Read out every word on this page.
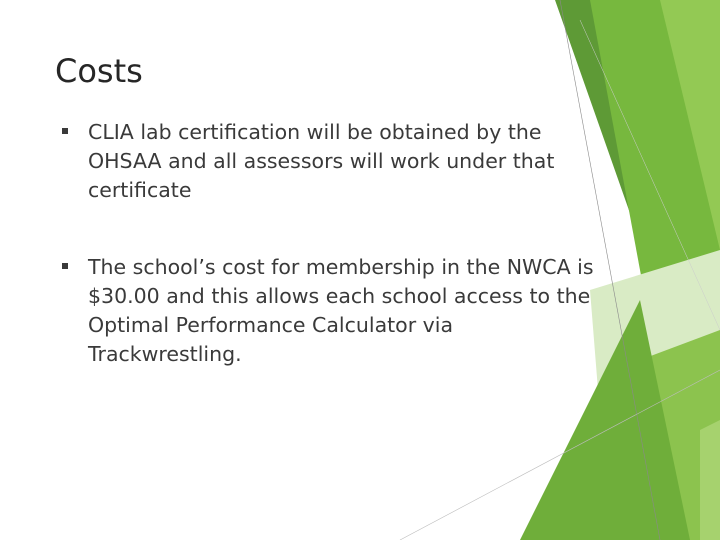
Costs
CLIA lab certification will be obtained by the OHSAA and all assessors will work under that certificate
The school’s cost for membership in the NWCA is $30.00 and this allows each school access to the Optimal Performance Calculator via Trackwrestling.
